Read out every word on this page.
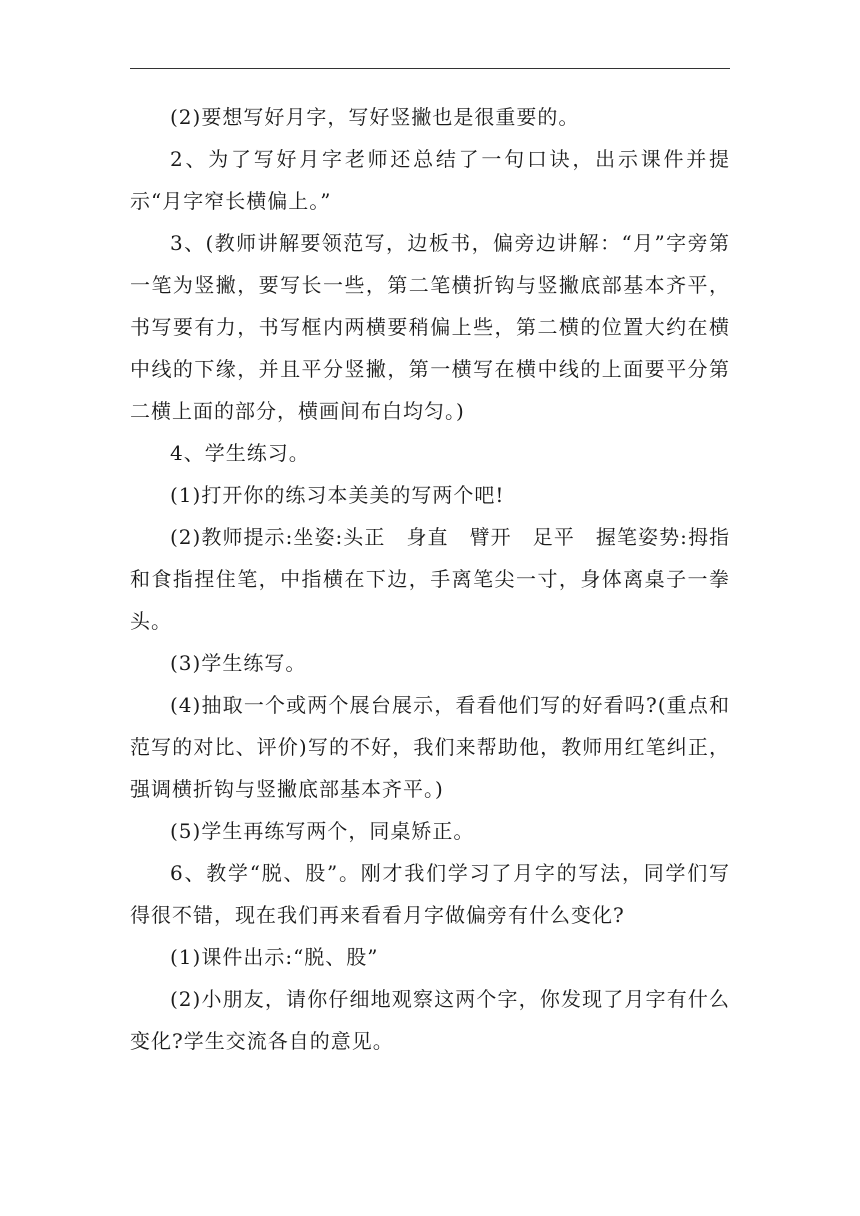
(2)要想写好月字，写好竖撇也是很重要的。

2、为了写好月字老师还总结了一句口诀，出示课件并提示“月字窄长横偏上。”

3、(教师讲解要领范写，边板书，偏旁边讲解：“月”字旁第一笔为竖撇，要写长一些，第二笔横折钩与竖撇底部基本齐平，书写要有力，书写框内两横要稍偏上些，第二横的位置大约在横中线的下缘，并且平分竖撇，第一横写在横中线的上面要平分第二横上面的部分，横画间布白均匀。)

4、学生练习。

(1)打开你的练习本美美的写两个吧!

(2)教师提示:坐姿:头正　身直　臂开　足平　握笔姿势:拇指和食指捏住笔，中指横在下边，手离笔尖一寸，身体离桌子一拳头。

(3)学生练写。

(4)抽取一个或两个展台展示，看看他们写的好看吗?(重点和范写的对比、评价)写的不好，我们来帮助他，教师用红笔纠正，强调横折钩与竖撇底部基本齐平。)

(5)学生再练写两个，同桌矫正。

6、教学“脱、股”。刚才我们学习了月字的写法，同学们写得很不错，现在我们再来看看月字做偏旁有什么变化?

(1)课件出示:“脱、股”

(2)小朋友，请你仔细地观察这两个字，你发现了月字有什么变化?学生交流各自的意见。
